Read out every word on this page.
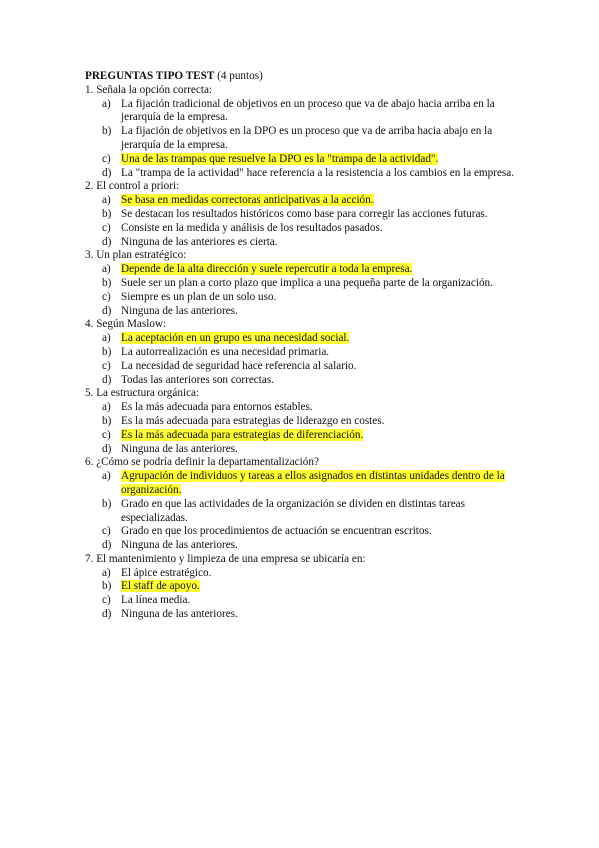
PREGUNTAS TIPO TEST (4 puntos)

1. Señala la opción correcta:
a) La fijación tradicional de objetivos en un proceso que va de abajo hacia arriba en la jerarquía de la empresa.
b) La fijación de objetivos en la DPO es un proceso que va de arriba hacia abajo en la jerarquía de la empresa.
c) Una de las trampas que resuelve la DPO es la "trampa de la actividad".
d) La "trampa de la actividad" hace referencia a la resistencia a los cambios en la empresa.
2. El control a priori:
a) Se basa en medidas correctoras anticipativas a la acción.
b) Se destacan los resultados históricos como base para corregir las acciones futuras.
c) Consiste en la medida y análisis de los resultados pasados.
d) Ninguna de las anteriores es cierta.
3. Un plan estratégico:
a) Depende de la alta dirección y suele repercutir a toda la empresa.
b) Suele ser un plan a corto plazo que implica a una pequeña parte de la organización.
c) Siempre es un plan de un solo uso.
d) Ninguna de las anteriores.
4. Según Maslow:
a) La aceptación en un grupo es una necesidad social.
b) La autorrealización es una necesidad primaria.
c) La necesidad de seguridad hace referencia al salario.
d) Todas las anteriores son correctas.
5. La estructura orgánica:
a) Es la más adecuada para entornos estables.
b) Es la más adecuada para estrategias de liderazgo en costes.
c) Es la más adecuada para estrategias de diferenciación.
d) Ninguna de las anteriores.
6. ¿Cómo se podría definir la departamentalización?
a) Agrupación de individuos y tareas a ellos asignados en distintas unidades dentro de la organización.
b) Grado en que las actividades de la organización se dividen en distintas tareas especializadas.
c) Grado en que los procedimientos de actuación se encuentran escritos.
d) Ninguna de las anteriores.
7. El mantenimiento y limpieza de una empresa se ubicaría en:
a) El ápice estratégico.
b) El staff de apoyo.
c) La línea media.
d) Ninguna de las anteriores.
